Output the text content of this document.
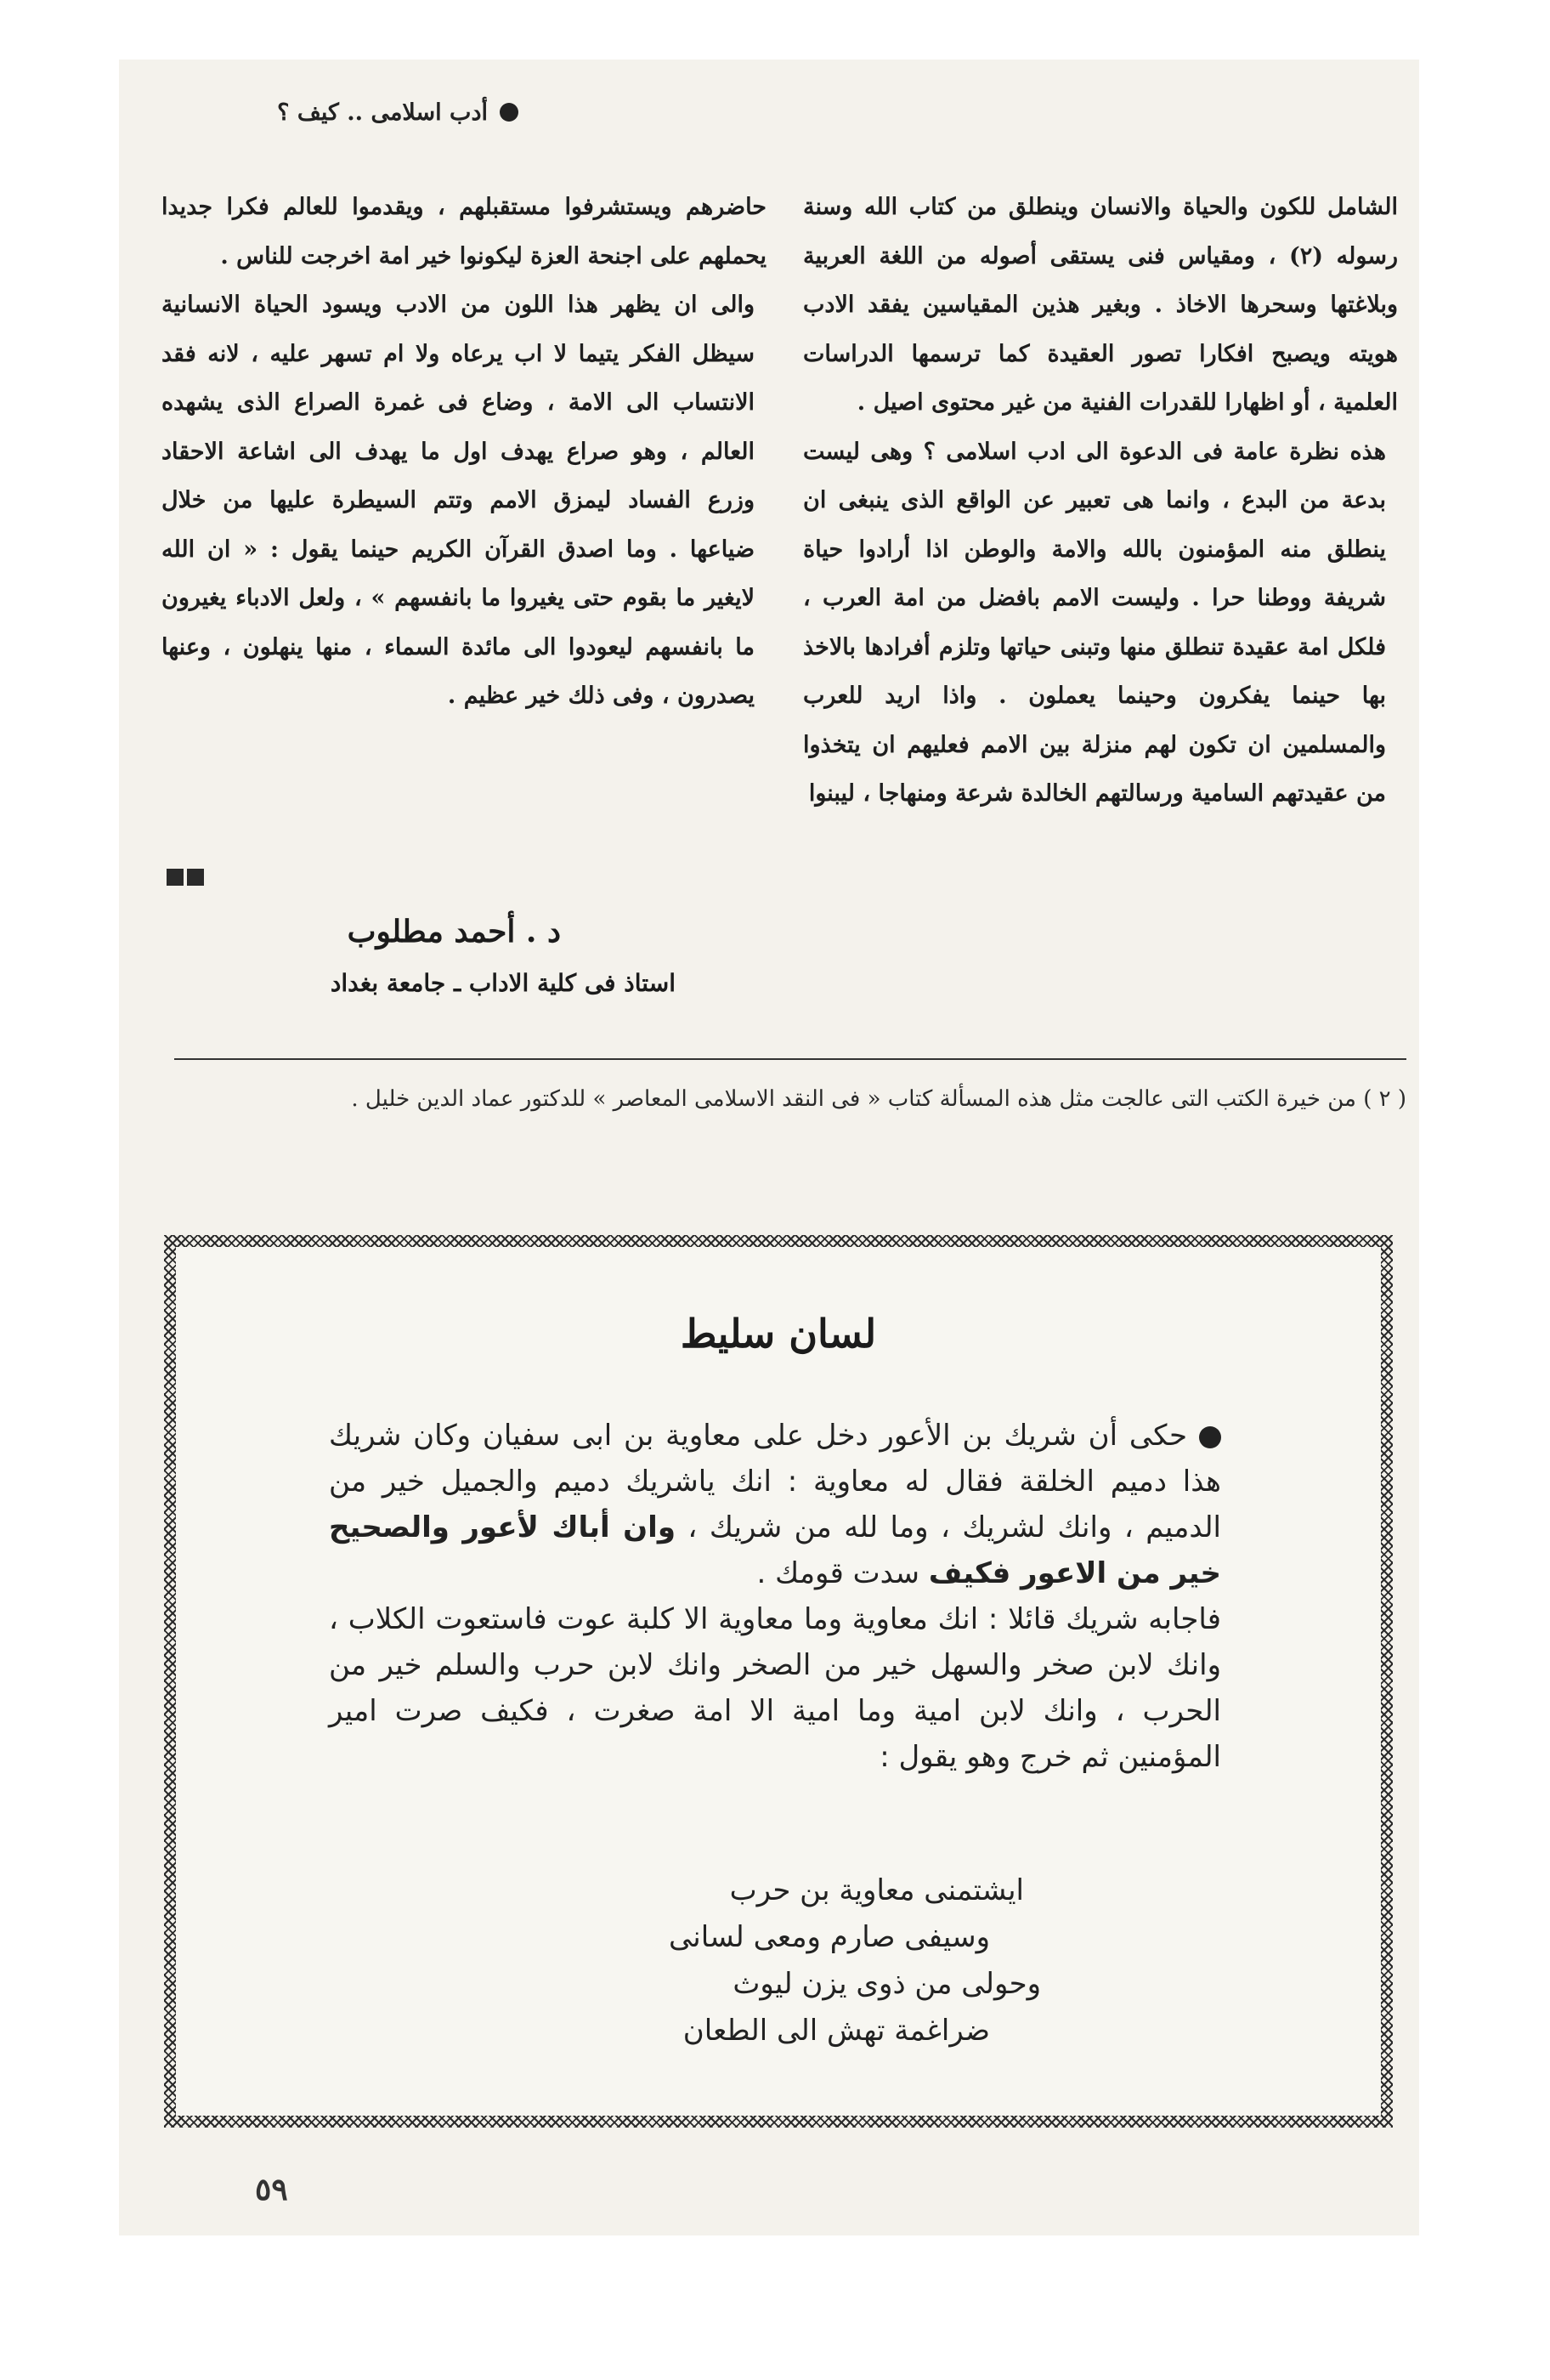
أدب اسلامى .. كيف ؟

الشامل للكون والحياة والانسان وينطلق من كتاب الله وسنة رسوله (٢) ، ومقياس فنى يستقى أصوله من اللغة العربية وبلاغتها وسحرها الاخاذ . وبغير هذين المقياسين يفقد الادب هويته ويصبح افكارا تصور العقيدة كما ترسمها الدراسات العلمية ، أو اظهارا للقدرات الفنية من غير محتوى اصيل .

هذه نظرة عامة فى الدعوة الى ادب اسلامى ؟ وهى ليست بدعة من البدع ، وانما هى تعبير عن الواقع الذى ينبغى ان ينطلق منه المؤمنون بالله والامة والوطن اذا أرادوا حياة شريفة ووطنا حرا . وليست الامم بافضل من امة العرب ، فلكل امة عقيدة تنطلق منها وتبنى حياتها وتلزم أفرادها بالاخذ بها حينما يفكرون وحينما يعملون . واذا اريد للعرب والمسلمين ان تكون لهم منزلة بين الامم فعليهم ان يتخذوا من عقيدتهم السامية ورسالتهم الخالدة شرعة ومنهاجا ، ليبنوا

حاضرهم ويستشرفوا مستقبلهم ، ويقدموا للعالم فكرا جديدا يحملهم على اجنحة العزة ليكونوا خير امة اخرجت للناس .

والى ان يظهر هذا اللون من الادب ويسود الحياة الانسانية سيظل الفكر يتيما لا اب يرعاه ولا ام تسهر عليه ، لانه فقد الانتساب الى الامة ، وضاع فى غمرة الصراع الذى يشهده العالم ، وهو صراع يهدف اول ما يهدف الى اشاعة الاحقاد وزرع الفساد ليمزق الامم وتتم السيطرة عليها من خلال ضياعها . وما اصدق القرآن الكريم حينما يقول : « ان الله لايغير ما بقوم حتى يغيروا ما بانفسهم » ، ولعل الادباء يغيرون ما بانفسهم ليعودوا الى مائدة السماء ، منها ينهلون ، وعنها يصدرون ، وفى ذلك خير عظيم .

د . أحمد مطلوب
استاذ فى كلية الاداب ـ جامعة بغداد
( ٢ ) من خيرة الكتب التى عالجت مثل هذه المسألة كتاب « فى النقد الاسلامى المعاصر » للدكتور عماد الدين خليل .
لسان سليط

حكى أن شريك بن الأعور دخل على معاوية بن ابى سفيان وكان شريك هذا دميم الخلقة فقال له معاوية : انك ياشريك دميم والجميل خير من الدميم ، وانك لشريك ، وما لله من شريك ، وان أباك لأعور والصحيح خير من الاعور فكيف سدت قومك .

فاجابه شريك قائلا : انك معاوية وما معاوية الا كلبة عوت فاستعوت الكلاب ، وانك لابن صخر والسهل خير من الصخر وانك لابن حرب والسلم خير من الحرب ، وانك لابن امية وما امية الا امة صغرت ، فكيف صرت امير المؤمنين ثم خرج وهو يقول :

ايشتمنى معاوية بن حرب
وسيفى صارم ومعى لسانى
وحولى من ذوى يزن ليوث
ضراغمة تهش الى الطعان
٥٩
